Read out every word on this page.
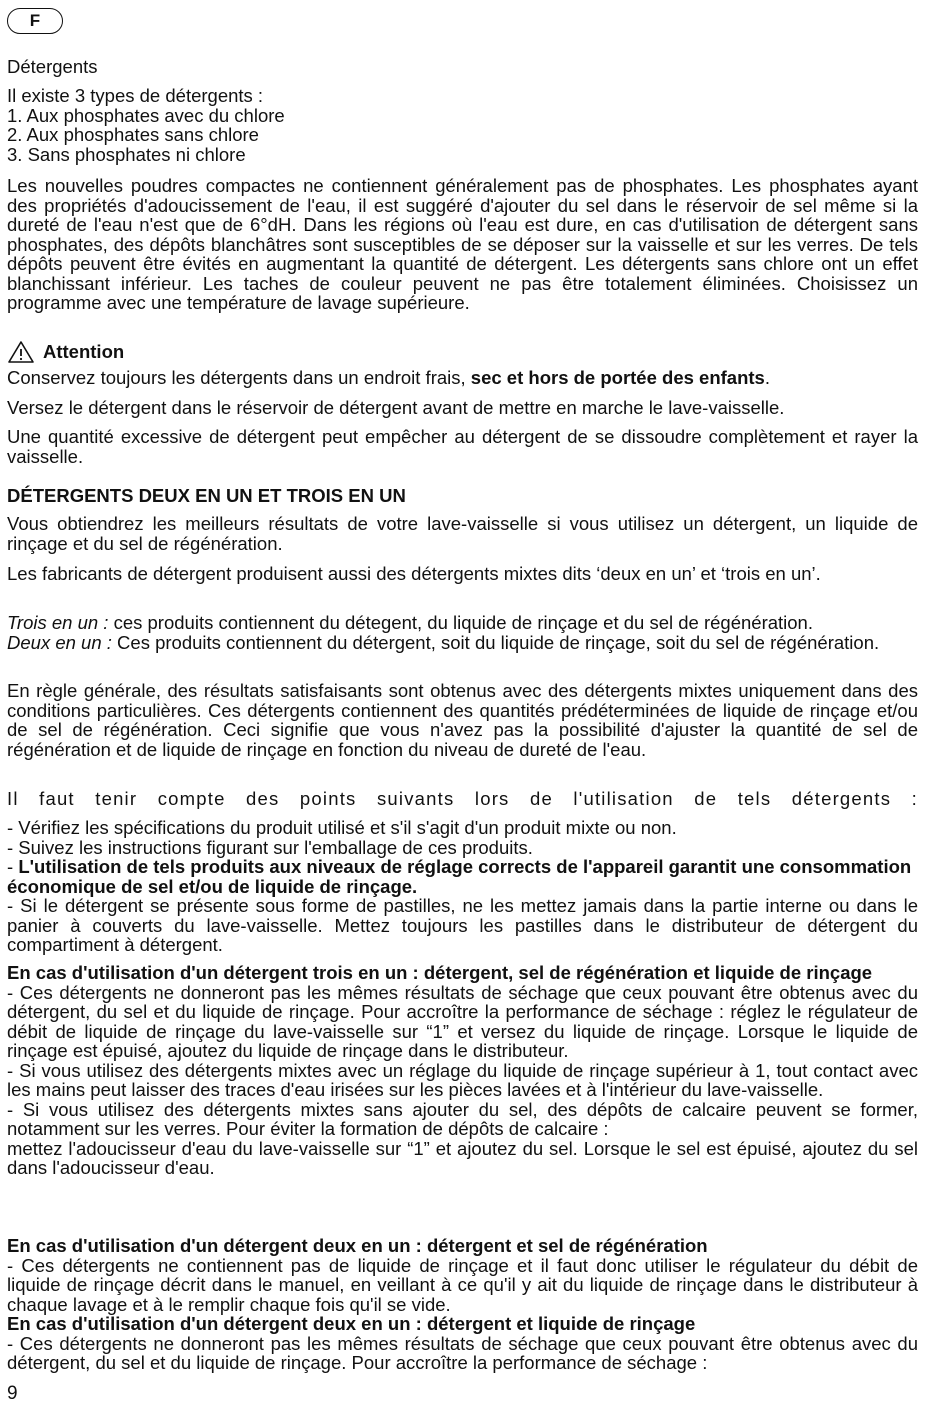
F
Détergents
Il existe 3 types de détergents :
1. Aux phosphates avec du chlore
2. Aux phosphates sans chlore
3. Sans phosphates ni chlore

Les nouvelles poudres compactes ne contiennent généralement pas de phosphates. Les phosphates ayant des propriétés d'adoucissement de l'eau, il est suggéré d'ajouter du sel dans le réservoir de sel même si la dureté de l'eau n'est que de 6°dH. Dans les régions où l'eau est dure, en cas d'utilisation de détergent sans phosphates, des dépôts blanchâtres sont susceptibles de se déposer sur la vaisselle et sur les verres. De tels dépôts peuvent être évités en augmentant la quantité de détergent. Les détergents sans chlore ont un effet blanchissant inférieur. Les taches de couleur peuvent ne pas être totalement éliminées. Choisissez un programme avec une température de lavage supérieure.

Attention

Conservez toujours les détergents dans un endroit frais, sec et hors de portée des enfants.

Versez le détergent dans le réservoir de détergent avant de mettre en marche le lave-vaisselle.

Une quantité excessive de détergent peut empêcher au détergent de se dissoudre complètement et rayer la vaisselle.

DÉTERGENTS DEUX EN UN ET TROIS EN UN

Vous obtiendrez les meilleurs résultats de votre lave-vaisselle si vous utilisez un détergent, un liquide de rinçage et du sel de régénération.

Les fabricants de détergent produisent aussi des détergents mixtes dits ‘deux en un’ et ‘trois en un’.

Trois en un : ces produits contiennent du détegent, du liquide de rinçage et du sel de régénération.
Deux en un : Ces produits contiennent du détergent, soit du liquide de rinçage, soit du sel de régénération.

En règle générale, des résultats satisfaisants sont obtenus avec des détergents mixtes uniquement dans des conditions particulières. Ces détergents contiennent des quantités prédéterminées de liquide de rinçage et/ou de sel de régénération. Ceci signifie que vous n'avez pas la possibilité d'ajuster la quantité de sel de régénération et de liquide de rinçage en fonction du niveau de dureté de l'eau.

Il faut tenir compte des points suivants lors de l'utilisation de tels détergents :

- Vérifiez les spécifications du produit utilisé et s'il s'agit d'un produit mixte ou non.
- Suivez les instructions figurant sur l'emballage de ces produits.
- L'utilisation de tels produits aux niveaux de réglage corrects de l'appareil garantit une consommation économique de sel et/ou de liquide de rinçage.
- Si le détergent se présente sous forme de pastilles, ne les mettez jamais dans la partie interne ou dans le panier à couverts du lave-vaisselle. Mettez toujours les pastilles dans le distributeur de détergent du compartiment à détergent.
En cas d'utilisation d'un détergent trois en un : détergent, sel de régénération et liquide de rinçage
- Ces détergents ne donneront pas les mêmes résultats de séchage que ceux pouvant être obtenus avec du détergent, du sel et du liquide de rinçage. Pour accroître la performance de séchage : réglez le régulateur de débit de liquide de rinçage du lave-vaisselle sur “1” et versez du liquide de rinçage. Lorsque le liquide de rinçage est épuisé, ajoutez du liquide de rinçage dans le distributeur.
- Si vous utilisez des détergents mixtes avec un réglage du liquide de rinçage supérieur à 1, tout contact avec les mains peut laisser des traces d'eau irisées sur les pièces lavées et à l'intérieur du lave-vaisselle.
- Si vous utilisez des détergents mixtes sans ajouter du sel, des dépôts de calcaire peuvent se former, notamment sur les verres. Pour éviter la formation de dépôts de calcaire :
mettez l'adoucisseur d'eau du lave-vaisselle sur “1” et ajoutez du sel. Lorsque le sel est épuisé, ajoutez du sel dans l'adoucisseur d'eau.
En cas d'utilisation d'un détergent deux en un : détergent et sel de régénération
- Ces détergents ne contiennent pas de liquide de rinçage et il faut donc utiliser le régulateur du débit de liquide de rinçage décrit dans le manuel, en veillant à ce qu'il y ait du liquide de rinçage dans le distributeur à chaque lavage et à le remplir chaque fois qu'il se vide.
En cas d'utilisation d'un détergent deux en un : détergent et liquide de rinçage
- Ces détergents ne donneront pas les mêmes résultats de séchage que ceux pouvant être obtenus avec du détergent, du sel et du liquide de rinçage. Pour accroître la performance de séchage :
9
